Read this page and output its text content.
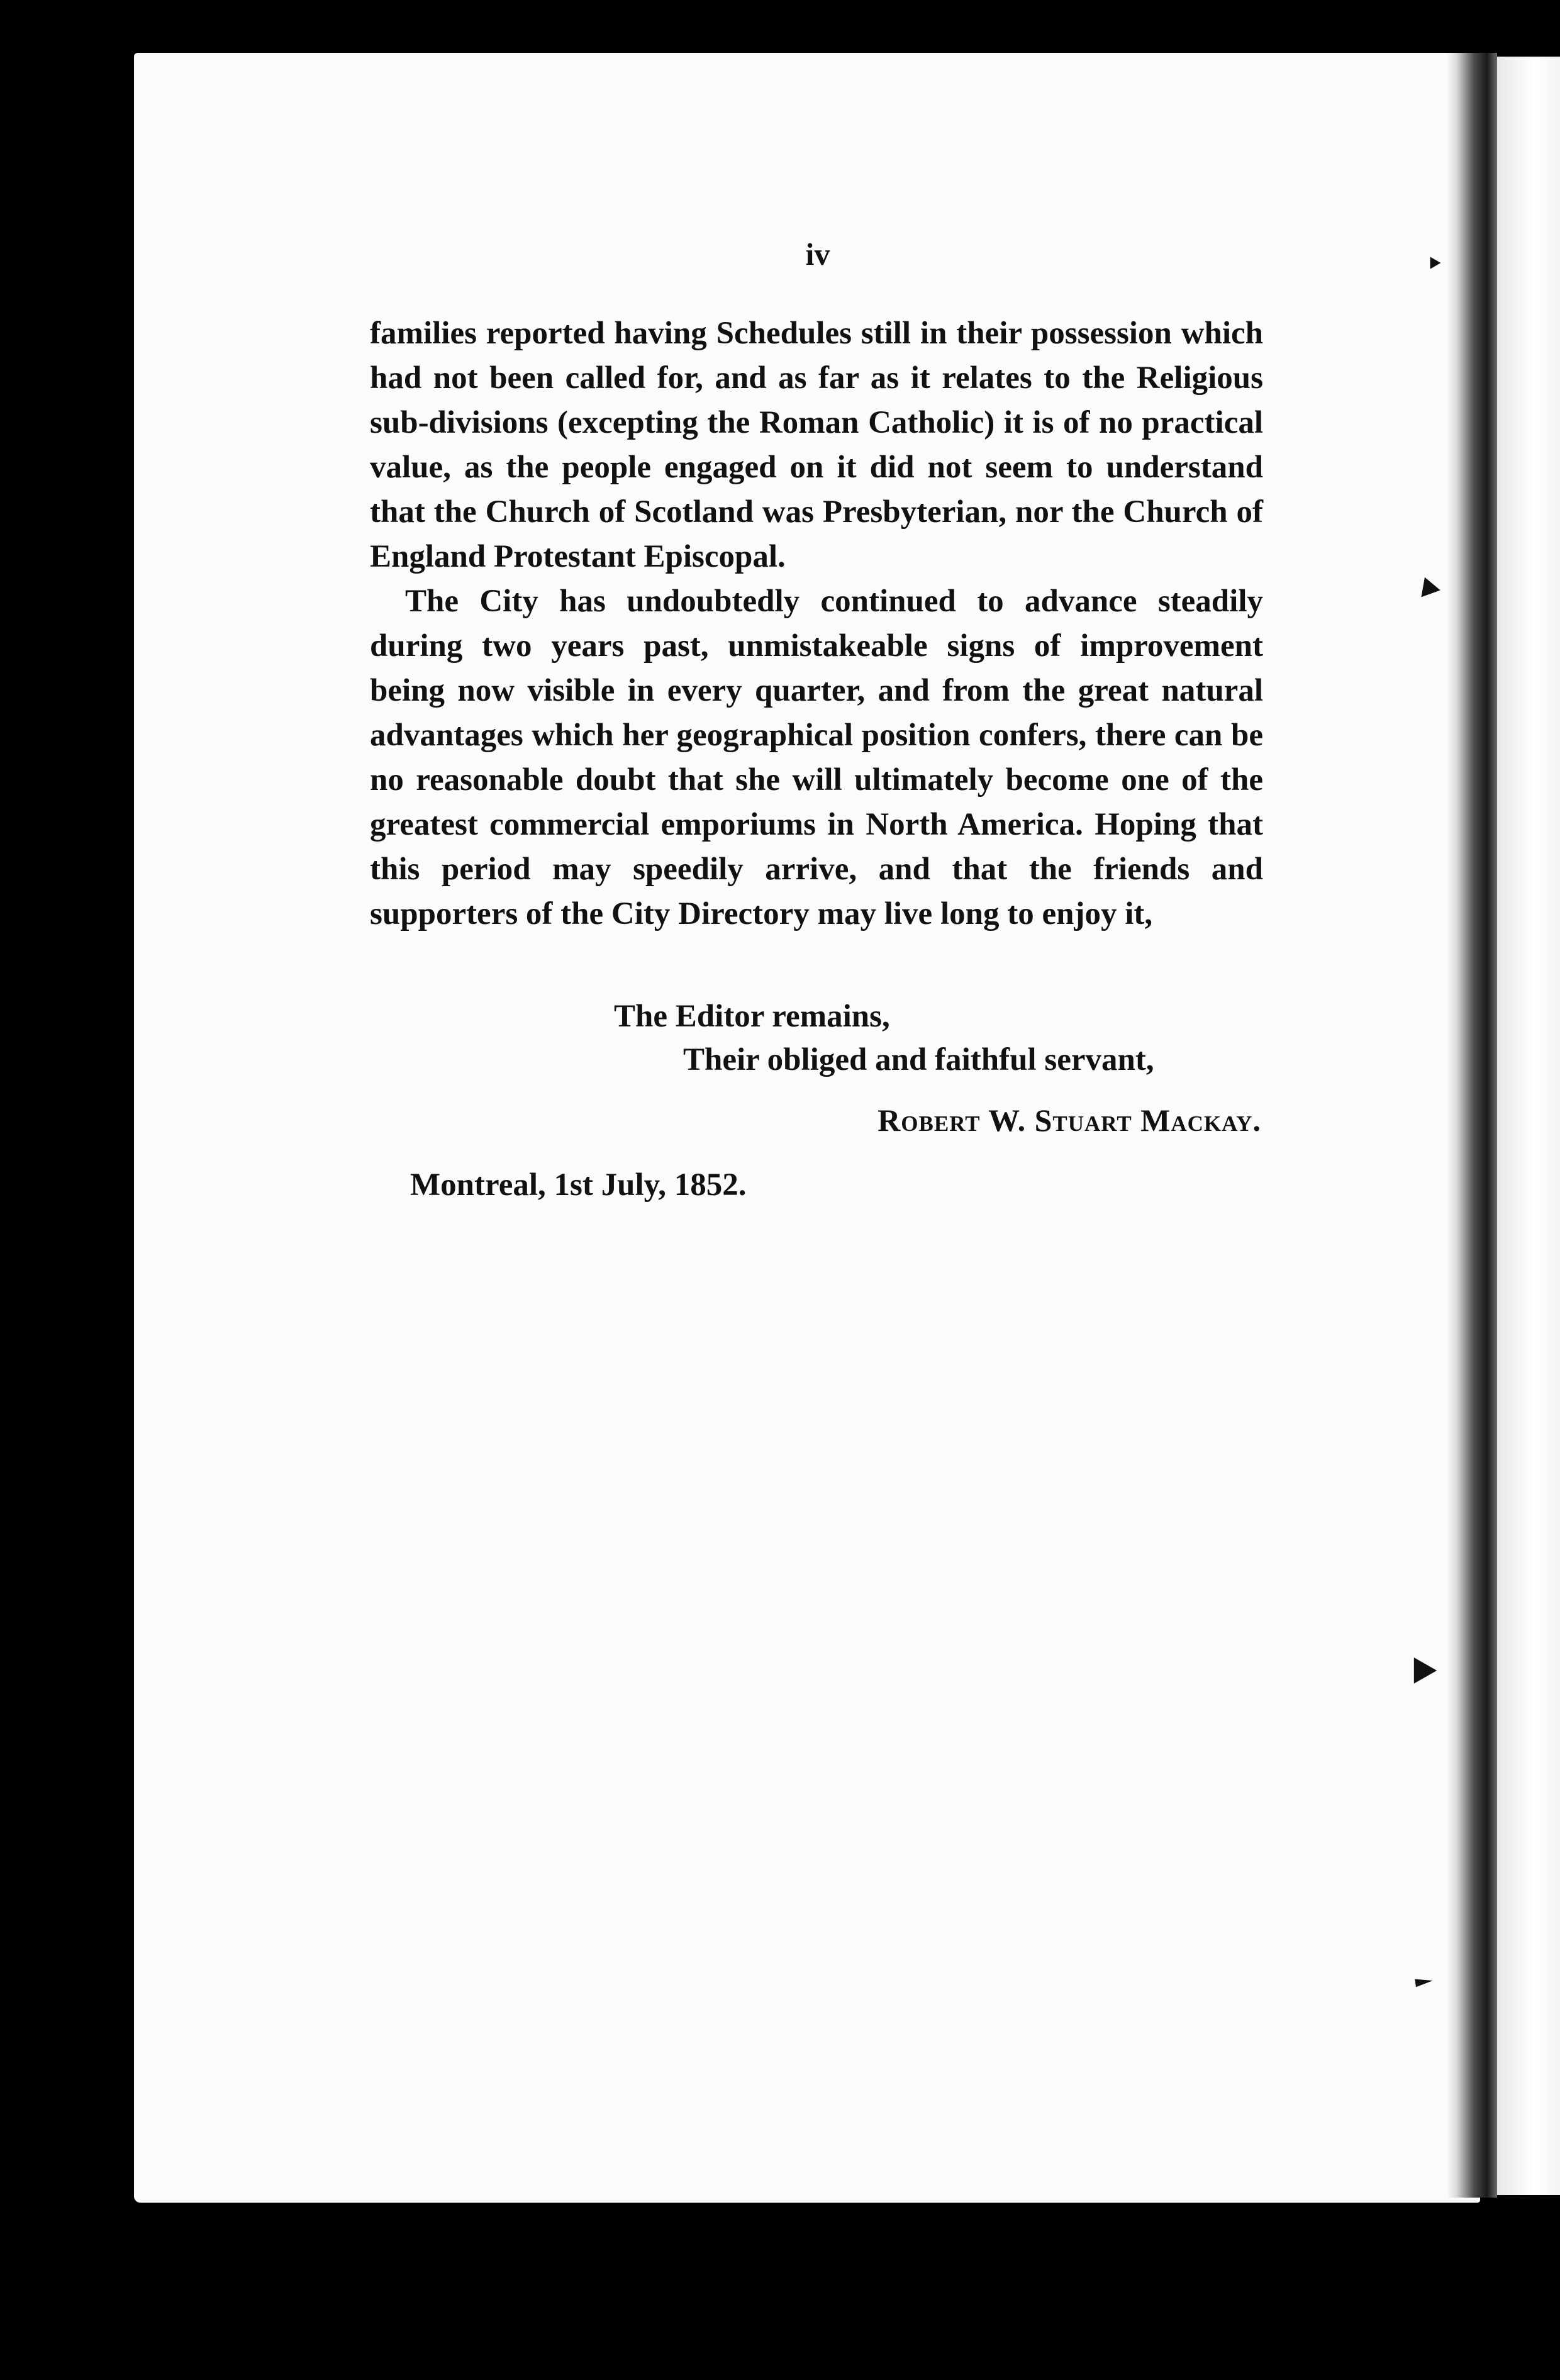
iv

families reported having Schedules still in their possession which had not been called for, and as far as it relates to the Religious sub-divisions (excepting the Roman Catholic) it is of no practical value, as the people engaged on it did not seem to understand that the Church of Scotland was Presbyterian, nor the Church of England Protestant Episcopal.

The City has undoubtedly continued to advance steadily during two years past, unmistakeable signs of improvement being now visible in every quarter, and from the great natural advantages which her geographical position confers, there can be no reasonable doubt that she will ultimately become one of the greatest commercial emporiums in North America. Hoping that this period may speedily arrive, and that the friends and supporters of the City Directory may live long to enjoy it,

The Editor remains,
Their obliged and faithful servant,
Robert W. Stuart Mackay.
Montreal, 1st July, 1852.
